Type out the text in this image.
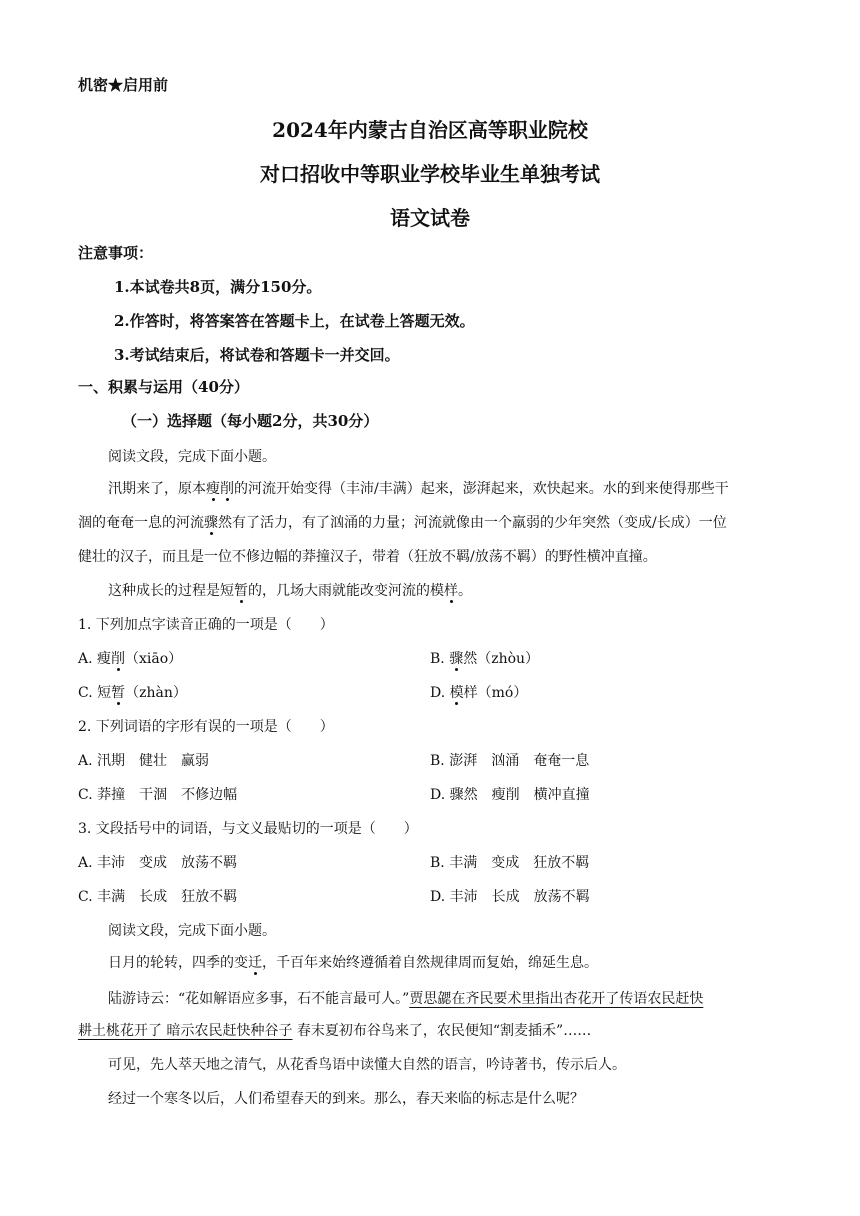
机密★启用前
2024年内蒙古自治区高等职业院校
对口招收中等职业学校毕业生单独考试
语文试卷
注意事项：
1.本试卷共8页，满分150分。
2.作答时，将答案答在答题卡上，在试卷上答题无效。
3.考试结束后，将试卷和答题卡一并交回。
一、积累与运用（40分）
（一）选择题（每小题2分，共30分）
阅读文段，完成下面小题。
汛期来了，原本瘦削的河流开始变得（丰沛/丰满）起来，澎湃起来，欢快起来。水的到来使得那些干
涸的奄奄一息的河流骤然有了活力，有了汹涌的力量；河流就像由一个羸弱的少年突然（变成/长成）一位
健壮的汉子，而且是一位不修边幅的莽撞汉子，带着（狂放不羁/放荡不羁）的野性横冲直撞。
这种成长的过程是短暂的，几场大雨就能改变河流的模样。
1. 下列加点字读音正确的一项是（　　）
A. 瘦削（xiāo）	B. 骤然（zhòu）
C. 短暂（zhàn）	D. 模样（mó）
2. 下列词语的字形有误的一项是（　　）
A. 汛期 健壮 赢弱	B. 澎湃 汹涌 奄奄一息
C. 莽撞 干涸 不修边幅	D. 骤然 瘦削 横冲直撞
3. 文段括号中的词语，与文义最贴切的一项是（　　）
A. 丰沛 变成 放荡不羁	B. 丰满 变成 狂放不羁
C. 丰满 长成 狂放不羁	D. 丰沛 长成 放荡不羁
阅读文段，完成下面小题。
日月的轮转，四季的变迁，千百年来始终遵循着自然规律周而复始，绵延生息。
陆游诗云：“花如解语应多事，石不能言最可人。”贾思勰在齐民要术里指出杏花开了传语农民赶快
耕土桃花开了 暗示农民赶快种谷子 春末夏初布谷鸟来了，农民便知“割麦插禾”……
可见，先人萃天地之清气，从花香鸟语中读懂大自然的语言，吟诗著书，传示后人。
经过一个寒冬以后，人们希望春天的到来。那么，春天来临的标志是什么呢？
